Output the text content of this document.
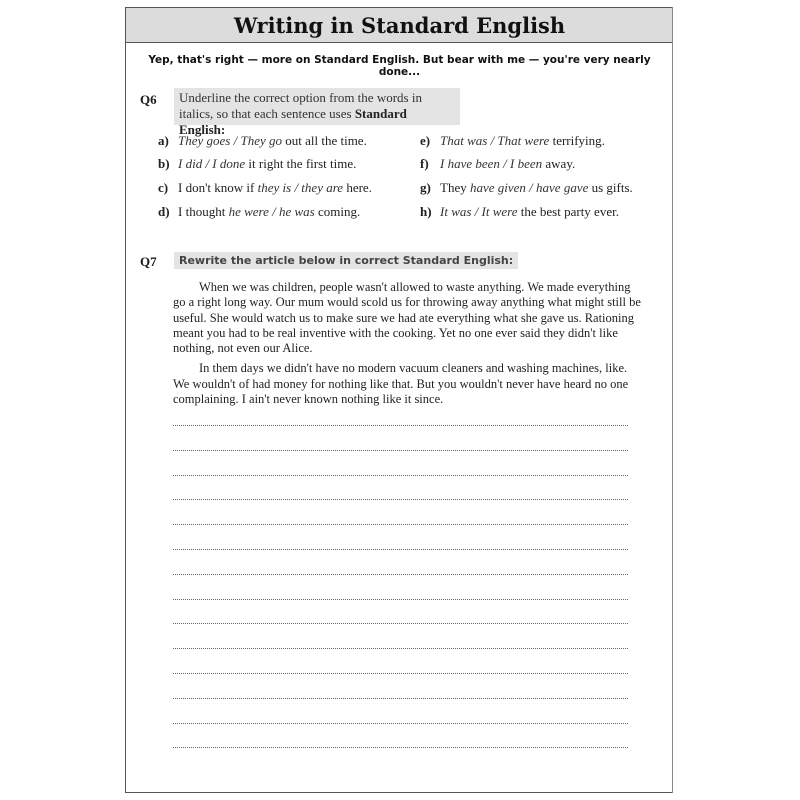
Writing in Standard English
Yep, that's right — more on Standard English. But bear with me — you're very nearly done...
Q6 Underline the correct option from the words in
italics, so that each sentence uses Standard English:
a) They goes / They go out all the time.
b) I did / I done it right the first time.
c) I don't know if they is / they are here.
d) I thought he were / he was coming.
e) That was / That were terrifying.
f) I have been / I been away.
g) They have given / have gave us gifts.
h) It was / It were the best party ever.
Q7	Rewrite the article below in correct Standard English:

When we was children, people wasn't allowed to waste anything. We made everything go a right long way. Our mum would scold us for throwing away anything what might still be useful. She would watch us to make sure we had ate everything what she gave us. Rationing meant you had to be real inventive with the cooking. Yet no one ever said they didn't like nothing, not even our Alice.

In them days we didn't have no modern vacuum cleaners and washing machines, like. We wouldn't of had money for nothing like that. But you wouldn't never have heard no one complaining. I ain't never known nothing like it since.
